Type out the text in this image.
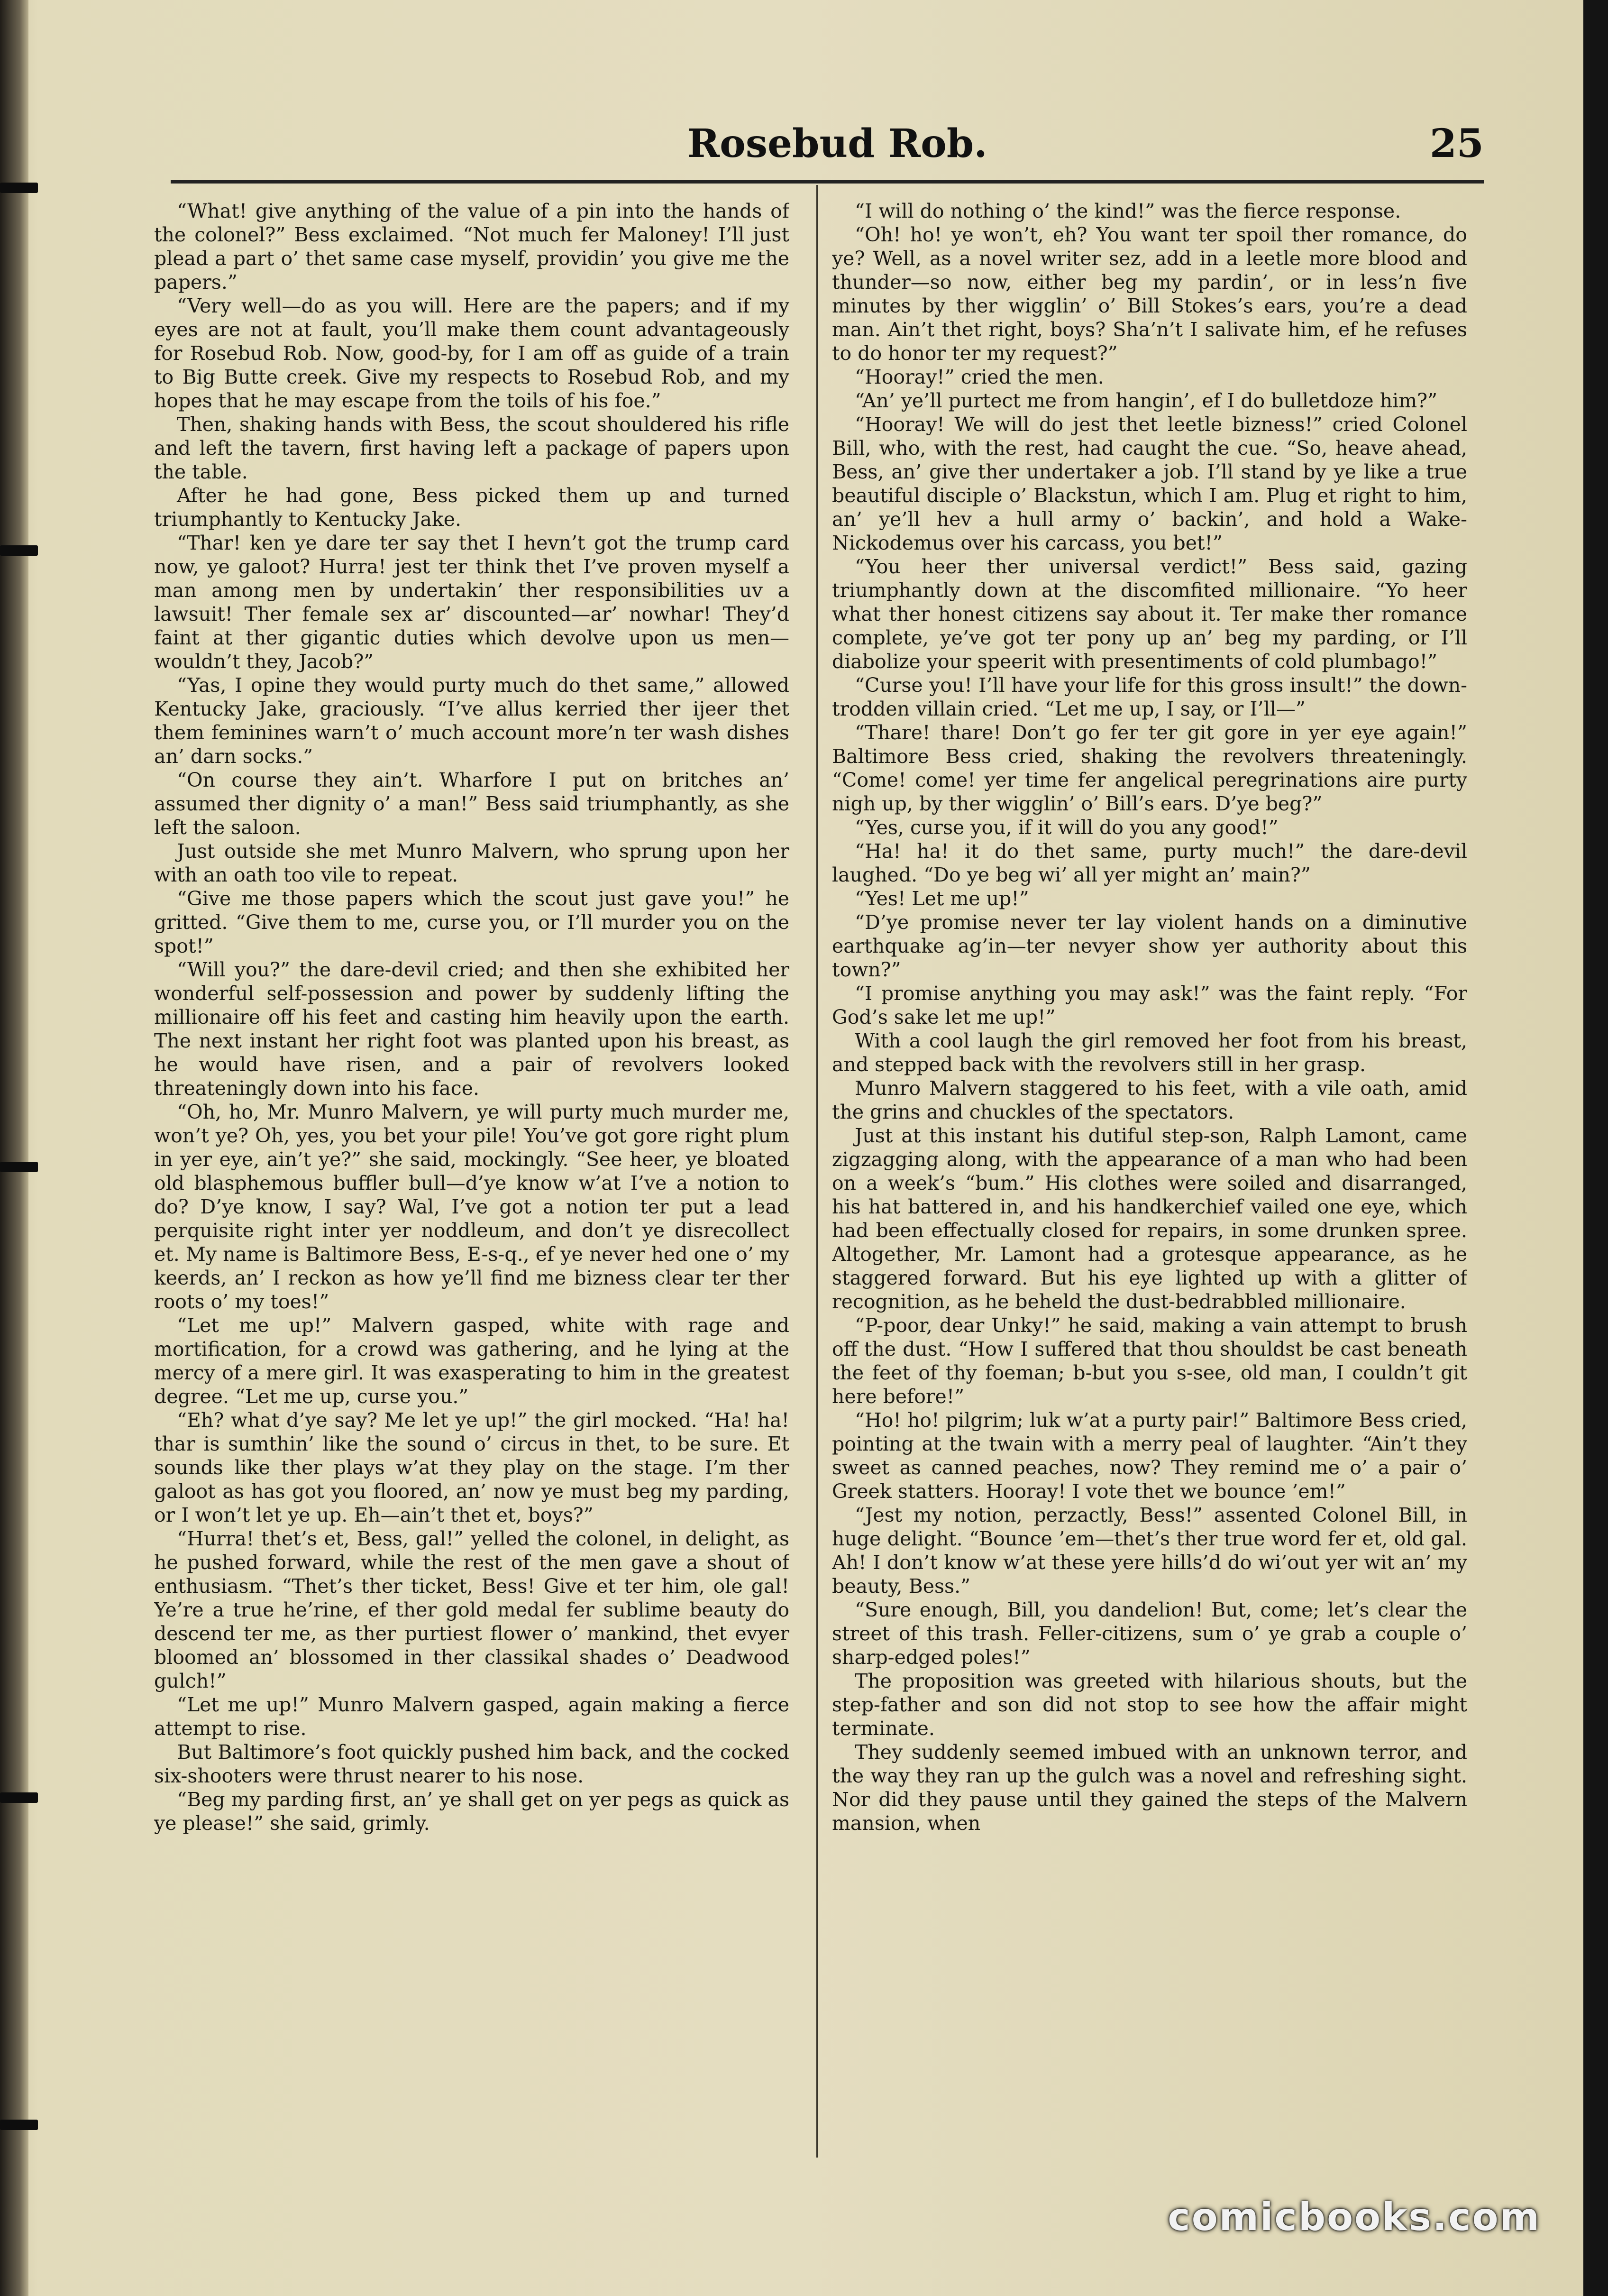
Rosebud Rob.	25

“What! give anything of the value of a pin into the hands of the colonel?” Bess exclaimed. “Not much fer Maloney! I’ll just plead a part o’ thet same case myself, providin’ you give me the papers.”

“Very well—do as you will. Here are the papers; and if my eyes are not at fault, you’ll make them count advantageously for Rosebud Rob. Now, good-by, for I am off as guide of a train to Big Butte creek. Give my respects to Rosebud Rob, and my hopes that he may escape from the toils of his foe.”

Then, shaking hands with Bess, the scout shouldered his rifle and left the tavern, first having left a package of papers upon the table.

After he had gone, Bess picked them up and turned triumphantly to Kentucky Jake.

“Thar! ken ye dare ter say thet I hevn’t got the trump card now, ye galoot? Hurra! jest ter think thet I’ve proven myself a man among men by undertakin’ ther responsibilities uv a lawsuit! Ther female sex ar’ discounted—ar’ nowhar! They’d faint at ther gigantic duties which devolve upon us men—wouldn’t they, Jacob?”

“Yas, I opine they would purty much do thet same,” allowed Kentucky Jake, graciously. “I’ve allus kerried ther ijeer thet them feminines warn’t o’ much account more’n ter wash dishes an’ darn socks.”

“On course they ain’t. Wharfore I put on britches an’ assumed ther dignity o’ a man!” Bess said triumphantly, as she left the saloon.

Just outside she met Munro Malvern, who sprung upon her with an oath too vile to repeat.

“Give me those papers which the scout just gave you!” he gritted. “Give them to me, curse you, or I’ll murder you on the spot!”

“Will you?” the dare-devil cried; and then she exhibited her wonderful self-possession and power by suddenly lifting the millionaire off his feet and casting him heavily upon the earth. The next instant her right foot was planted upon his breast, as he would have risen, and a pair of revolvers looked threateningly down into his face.

“Oh, ho, Mr. Munro Malvern, ye will purty much murder me, won’t ye? Oh, yes, you bet your pile! You’ve got gore right plum in yer eye, ain’t ye?” she said, mockingly. “See heer, ye bloated old blasphemous buffler bull—d’ye know w’at I’ve a notion to do? D’ye know, I say? Wal, I’ve got a notion ter put a lead perquisite right inter yer noddleum, and don’t ye disrecollect et. My name is Baltimore Bess, E-s-q., ef ye never hed one o’ my keerds, an’ I reckon as how ye’ll find me bizness clear ter ther roots o’ my toes!”

“Let me up!” Malvern gasped, white with rage and mortification, for a crowd was gathering, and he lying at the mercy of a mere girl. It was exasperating to him in the greatest degree. “Let me up, curse you.”

“Eh? what d’ye say? Me let ye up!” the girl mocked. “Ha! ha! thar is sumthin’ like the sound o’ circus in thet, to be sure. Et sounds like ther plays w’at they play on the stage. I’m ther galoot as has got you floored, an’ now ye must beg my parding, or I won’t let ye up. Eh—ain’t thet et, boys?”

“Hurra! thet’s et, Bess, gal!” yelled the colonel, in delight, as he pushed forward, while the rest of the men gave a shout of enthusiasm. “Thet’s ther ticket, Bess! Give et ter him, ole gal! Ye’re a true he’rine, ef ther gold medal fer sublime beauty do descend ter me, as ther purtiest flower o’ mankind, thet evyer bloomed an’ blossomed in ther classikal shades o’ Deadwood gulch!”

“Let me up!” Munro Malvern gasped, again making a fierce attempt to rise.

But Baltimore’s foot quickly pushed him back, and the cocked six-shooters were thrust nearer to his nose.

“Beg my parding first, an’ ye shall get on yer pegs as quick as ye please!” she said, grimly.

“I will do nothing o’ the kind!” was the fierce response.

“Oh! ho! ye won’t, eh? You want ter spoil ther romance, do ye? Well, as a novel writer sez, add in a leetle more blood and thunder—so now, either beg my pardin’, or in less’n five minutes by ther wigglin’ o’ Bill Stokes’s ears, you’re a dead man. Ain’t thet right, boys? Sha’n’t I salivate him, ef he refuses to do honor ter my request?”

“Hooray!” cried the men.

“An’ ye’ll purtect me from hangin’, ef I do bulletdoze him?”

“Hooray! We will do jest thet leetle bizness!” cried Colonel Bill, who, with the rest, had caught the cue. “So, heave ahead, Bess, an’ give ther undertaker a job. I’ll stand by ye like a true beautiful disciple o’ Blackstun, which I am. Plug et right to him, an’ ye’ll hev a hull army o’ backin’, and hold a Wake-Nickodemus over his carcass, you bet!”

“You heer ther universal verdict!” Bess said, gazing triumphantly down at the discomfited millionaire. “Yo heer what ther honest citizens say about it. Ter make ther romance complete, ye’ve got ter pony up an’ beg my parding, or I’ll diabolize your speerit with presentiments of cold plumbago!”

“Curse you! I’ll have your life for this gross insult!” the down-trodden villain cried. “Let me up, I say, or I’ll—”

“Thare! thare! Don’t go fer ter git gore in yer eye again!” Baltimore Bess cried, shaking the revolvers threateningly. “Come! come! yer time fer angelical peregrinations aire purty nigh up, by ther wigglin’ o’ Bill’s ears. D’ye beg?”

“Yes, curse you, if it will do you any good!”

“Ha! ha! it do thet same, purty much!” the dare-devil laughed. “Do ye beg wi’ all yer might an’ main?”

“Yes! Let me up!”

“D’ye promise never ter lay violent hands on a diminutive earthquake ag’in—ter nevyer show yer authority about this town?”

“I promise anything you may ask!” was the faint reply. “For God’s sake let me up!”

With a cool laugh the girl removed her foot from his breast, and stepped back with the revolvers still in her grasp.

Munro Malvern staggered to his feet, with a vile oath, amid the grins and chuckles of the spectators.

Just at this instant his dutiful step-son, Ralph Lamont, came zigzagging along, with the appearance of a man who had been on a week’s “bum.” His clothes were soiled and disarranged, his hat battered in, and his handkerchief vailed one eye, which had been effectually closed for repairs, in some drunken spree. Altogether, Mr. Lamont had a grotesque appearance, as he staggered forward. But his eye lighted up with a glitter of recognition, as he beheld the dust-bedrabbled millionaire.

“P-poor, dear Unky!” he said, making a vain attempt to brush off the dust. “How I suffered that thou shouldst be cast beneath the feet of thy foeman; b-but you s-see, old man, I couldn’t git here before!”

“Ho! ho! pilgrim; luk w’at a purty pair!” Baltimore Bess cried, pointing at the twain with a merry peal of laughter. “Ain’t they sweet as canned peaches, now? They remind me o’ a pair o’ Greek statters. Hooray! I vote thet we bounce ’em!”

“Jest my notion, perzactly, Bess!” assented Colonel Bill, in huge delight. “Bounce ’em—thet’s ther true word fer et, old gal. Ah! I don’t know w’at these yere hills’d do wi’out yer wit an’ my beauty, Bess.”

“Sure enough, Bill, you dandelion! But, come; let’s clear the street of this trash. Feller-citizens, sum o’ ye grab a couple o’ sharp-edged poles!”

The proposition was greeted with hilarious shouts, but the step-father and son did not stop to see how the affair might terminate.

They suddenly seemed imbued with an unknown terror, and the way they ran up the gulch was a novel and refreshing sight. Nor did they pause until they gained the steps of the Malvern mansion, when

comicbooks.com
